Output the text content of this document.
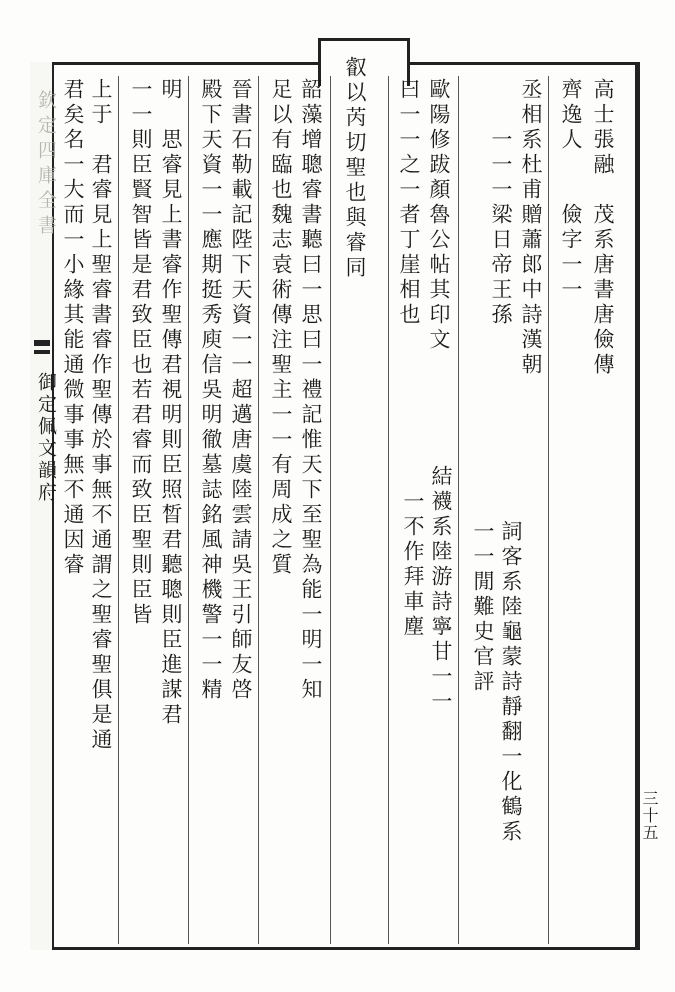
欽定四庫全書
御定佩文韻府
高士張融　茂系唐書唐儉傳
齊逸人　　儉字一一
丞相系杜甫贈蕭郎中詩漢朝
　　一一一梁日帝王孫
　　詞客系陸龜蒙詩靜翻一化鶴系
　　一一閒難史官評
歐陽修跋顏魯公帖其印文
曰一一之一者丁崖相也
　結襪系陸游詩寧甘一一
　　一不作拜車塵
叡以芮切聖也與睿同
韶藻增聰睿書聽曰一思曰一禮記惟天下至聖為能一明一知
足以有臨也魏志袁術傳注聖主一一有周成之質
晉書石勒載記陛下天資一一超邁唐虞陸雲請吳王引師友啓
殿下天資一一應期挺秀庾信吳明徹墓誌銘風神機警一一精
明　思睿見上書睿作聖傳君視明則臣照晳君聽聰則臣進謀君
一一則臣賢智皆是君致臣也若君睿而致臣聖則臣皆
上于　君睿見上聖睿書睿作聖傳於事無不通謂之聖睿聖俱是通
君矣名一大而一小緣其能通微事事無不通因睿
三十五
